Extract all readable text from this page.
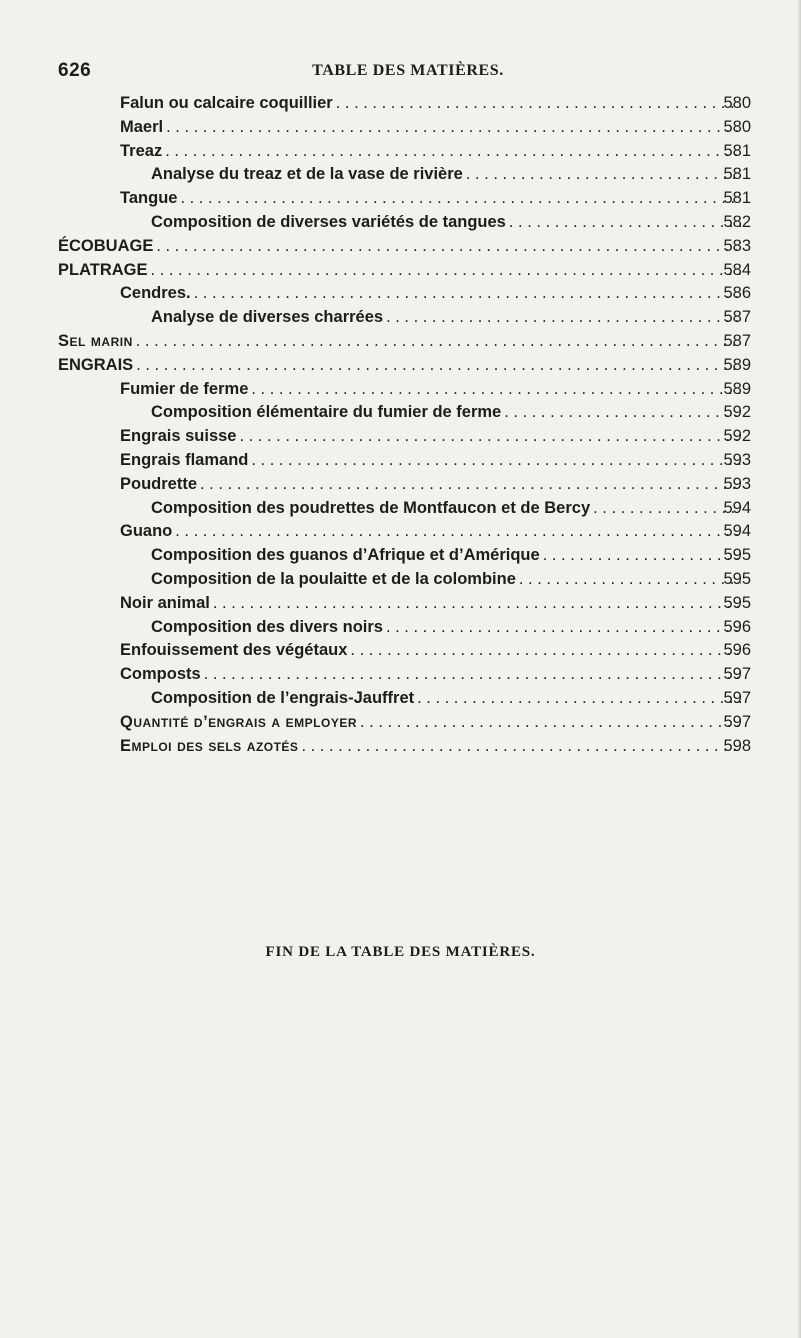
626	TABLE DES MATIÈRES.
Falun ou calcaire coquillier . . .	580
Maerl . . .	580
Treaz . . .	581
Analyse du treaz et de la vase de rivière . . .	581
Tangue . . .	581
Composition de diverses variétés de tangues . . .	582
ÉCOBUAGE . . .	583
PLATRAGE . . .	584
Cendres. . . .	586
Analyse de diverses charrées . . .	587
Sel marin . . .	587
ENGRAIS . . .	589
Fumier de ferme . . .	589
Composition élémentaire du fumier de ferme . . .	592
Engrais suisse . . .	592
Engrais flamand . . .	593
Poudrette . . .	593
Composition des poudrettes de Montfaucon et de Bercy . . .	594
Guano . . .	594
Composition des guanos d’Afrique et d’Amérique . . .	595
Composition de la poulaitte et de la colombine . . .	595
Noir animal . . .	595
Composition des divers noirs . . .	596
Enfouissement des végétaux . . .	596
Composts . . .	597
Composition de l’engrais-Jauffret . . .	597
Quantité d’engrais a employer . . .	597
Emploi des sels azotés . . .	598
FIN DE LA TABLE DES MATIÈRES.
